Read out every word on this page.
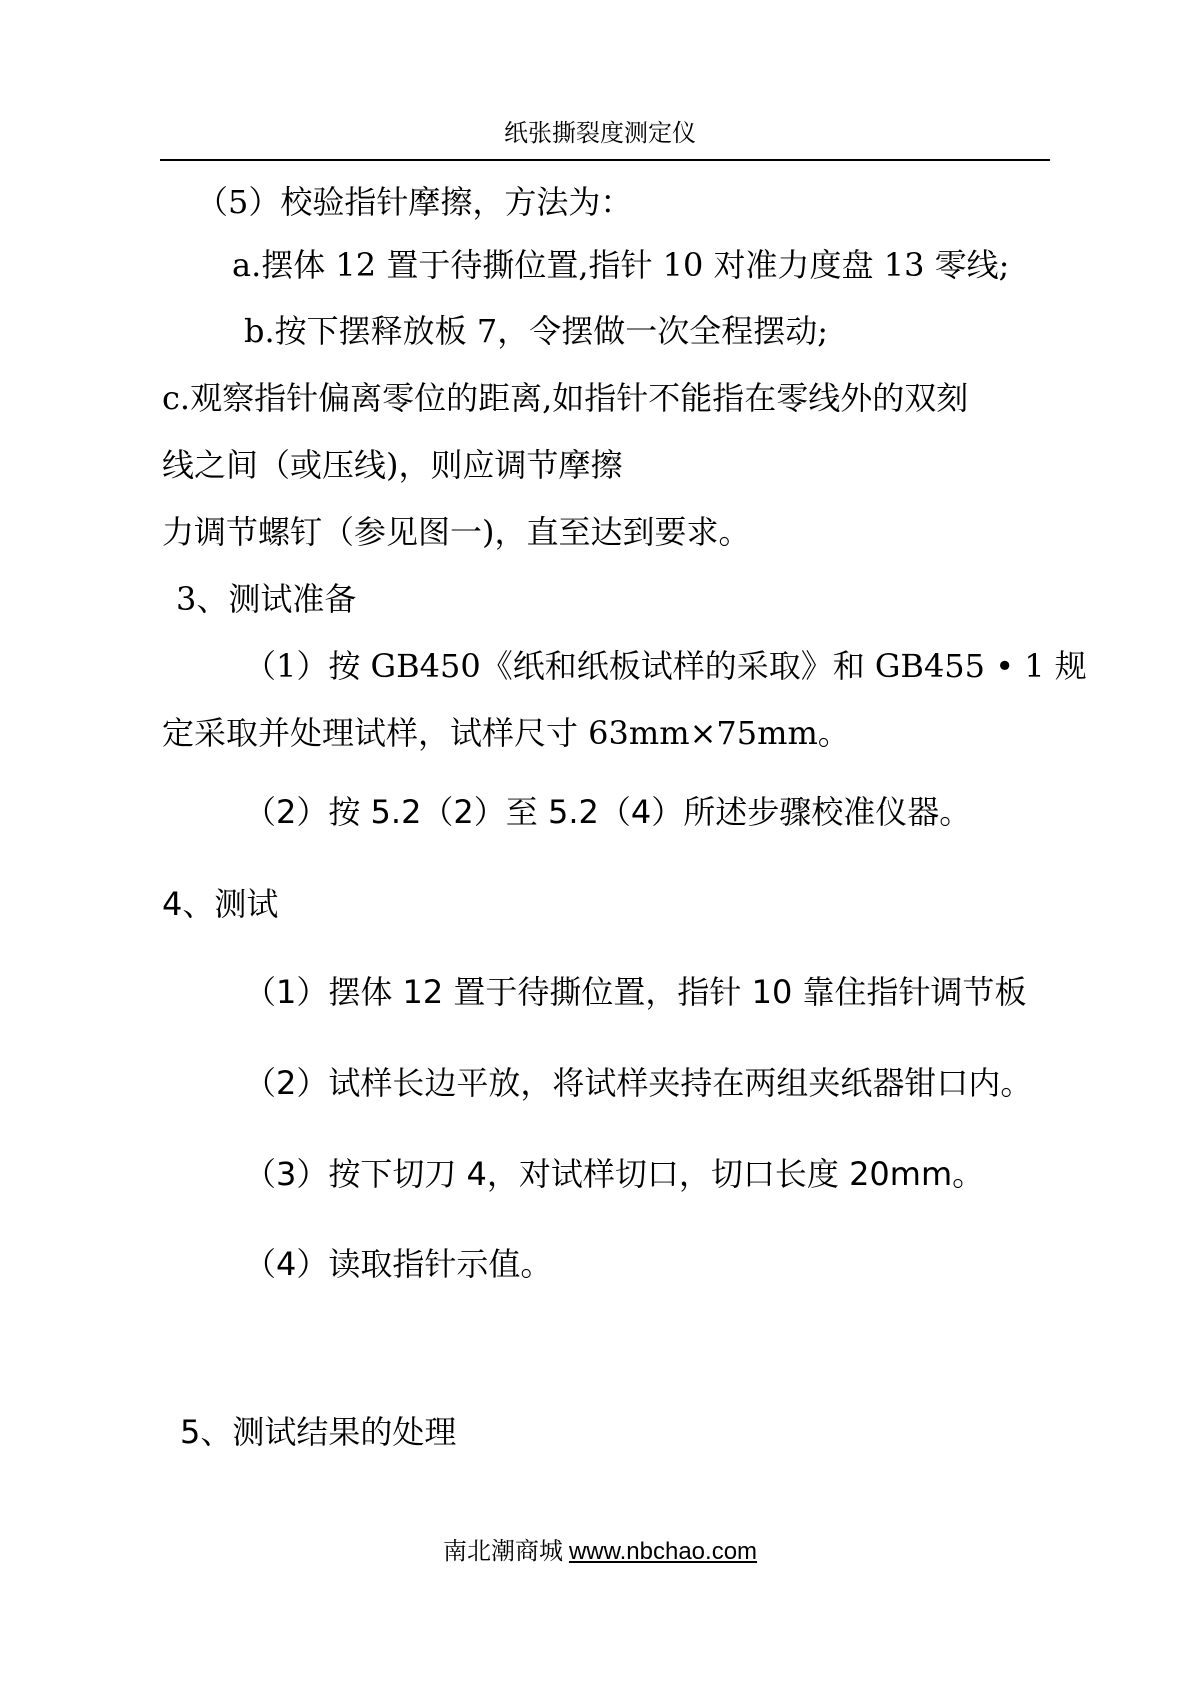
纸张撕裂度测定仪
（5）校验指针摩擦，方法为：
a.摆体 12 置于待撕位置,指针 10 对准力度盘 13 零线;
b.按下摆释放板 7，令摆做一次全程摆动;
c.观察指针偏离零位的距离,如指针不能指在零线外的双刻
线之间（或压线)，则应调节摩擦
力调节螺钉（参见图一)，直至达到要求。
3、测试准备
（1）按 GB450《纸和纸板试样的采取》和 GB455 • 1 规
定采取并处理试样，试样尺寸 63mm×75mm。
（2）按 5.2（2）至 5.2（4）所述步骤校准仪器。
4、测试
（1）摆体 12 置于待撕位置，指针 10 靠住指针调节板
（2）试样长边平放，将试样夹持在两组夹纸器钳口内。
（3）按下切刀 4，对试样切口，切口长度 20mm。
（4）读取指针示值。
5、测试结果的处理
南北潮商城 www.nbchao.com
